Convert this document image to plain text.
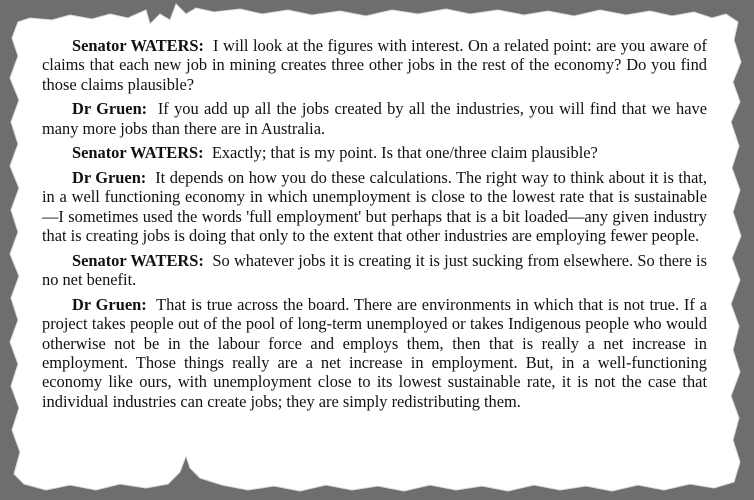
Senator WATERS: I will look at the figures with interest. On a related point: are you aware of claims that each new job in mining creates three other jobs in the rest of the economy? Do you find those claims plausible?

Dr Gruen: If you add up all the jobs created by all the industries, you will find that we have many more jobs than there are in Australia.

Senator WATERS: Exactly; that is my point. Is that one/three claim plausible?

Dr Gruen: It depends on how you do these calculations. The right way to think about it is that, in a well functioning economy in which unemployment is close to the lowest rate that is sustainable—I sometimes used the words 'full employment' but perhaps that is a bit loaded—any given industry that is creating jobs is doing that only to the extent that other industries are employing fewer people.

Senator WATERS: So whatever jobs it is creating it is just sucking from elsewhere. So there is no net benefit.

Dr Gruen: That is true across the board. There are environments in which that is not true. If a project takes people out of the pool of long-term unemployed or takes Indigenous people who would otherwise not be in the labour force and employs them, then that is really a net increase in employment. Those things really are a net increase in employment. But, in a well-functioning economy like ours, with unemployment close to its lowest sustainable rate, it is not the case that individual industries can create jobs; they are simply redistributing them.
